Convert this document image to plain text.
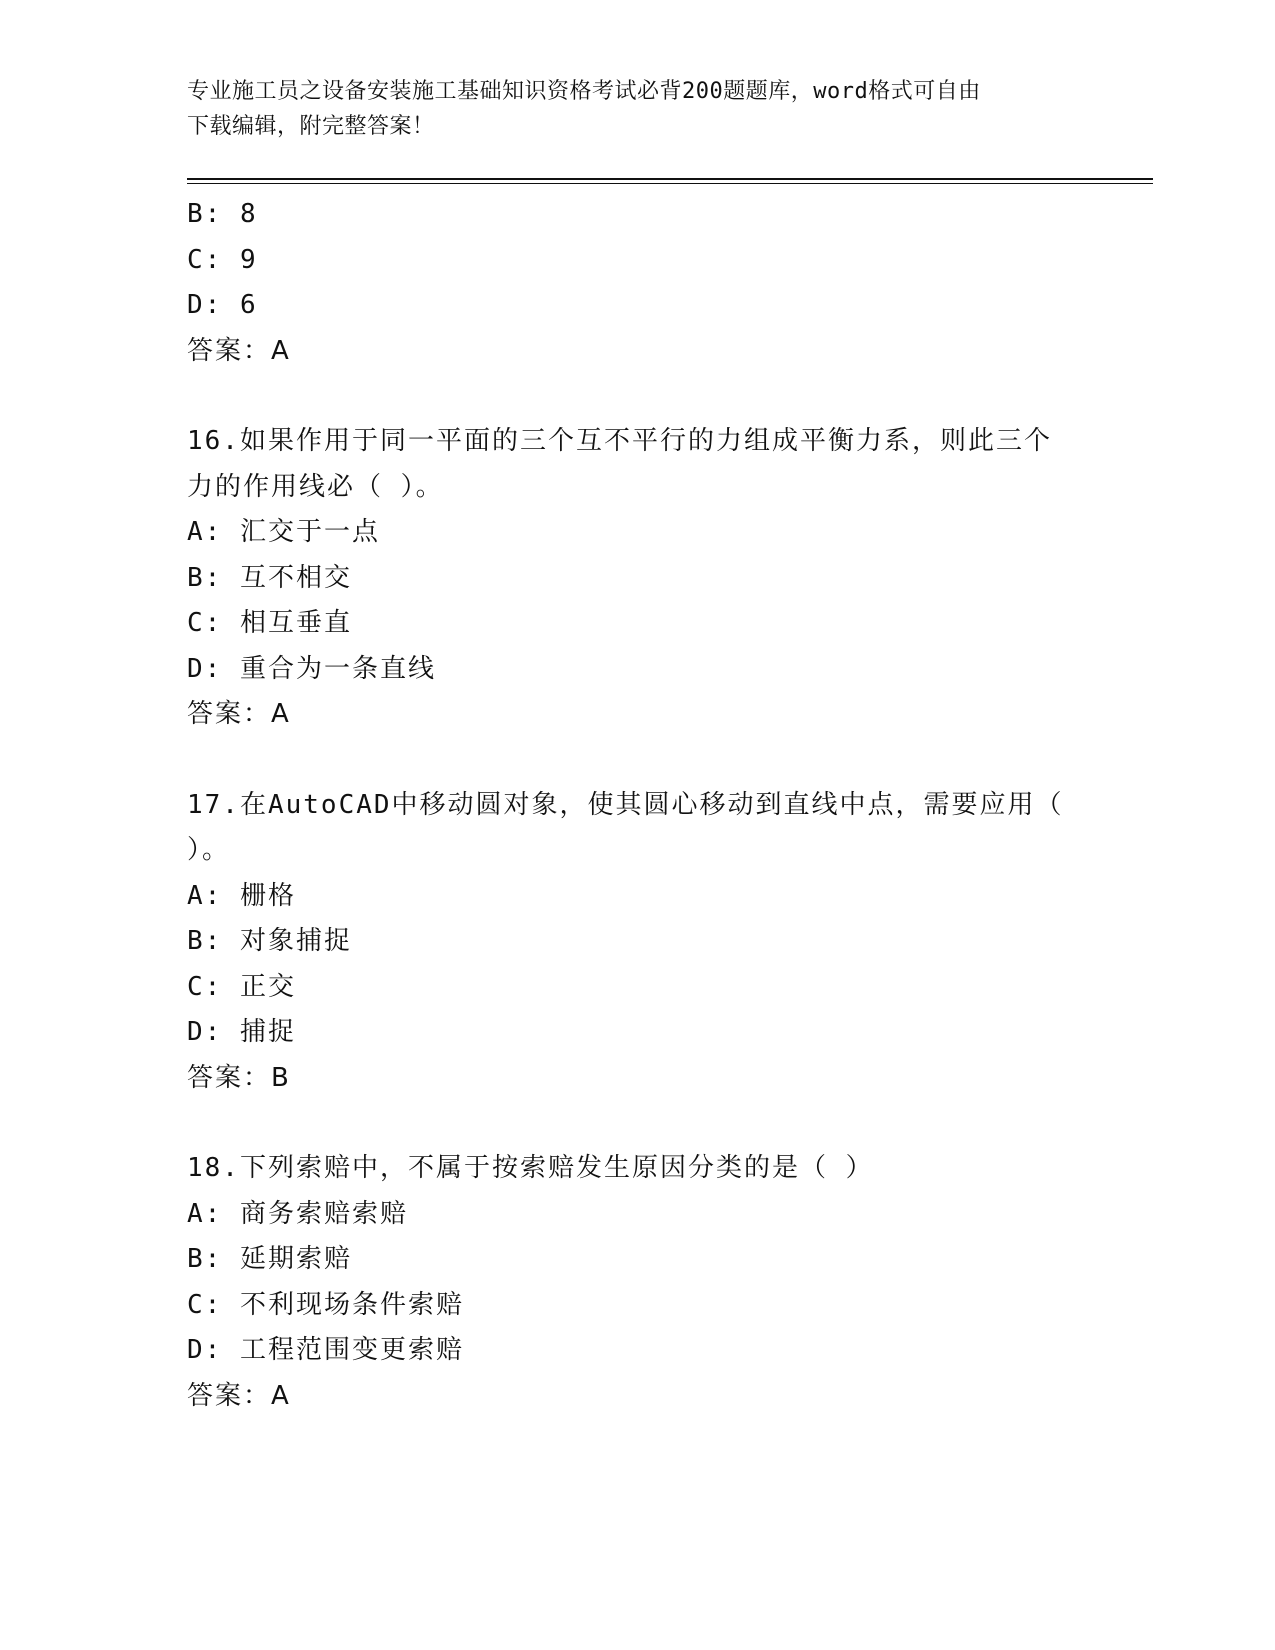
专业施工员之设备安装施工基础知识资格考试必背200题题库，word格式可自由
下载编辑，附完整答案！
B: 8
C: 9
D: 6
答案：A
16.如果作用于同一平面的三个互不平行的力组成平衡力系，则此三个
力的作用线必（ ）。
A: 汇交于一点
B: 互不相交
C: 相互垂直
D: 重合为一条直线
答案：A
17.在AutoCAD中移动圆对象，使其圆心移动到直线中点，需要应用（
）。
A: 栅格
B: 对象捕捉
C: 正交
D: 捕捉
答案：B
18.下列索赔中，不属于按索赔发生原因分类的是（ ）
A: 商务索赔索赔
B: 延期索赔
C: 不利现场条件索赔
D: 工程范围变更索赔
答案：A
